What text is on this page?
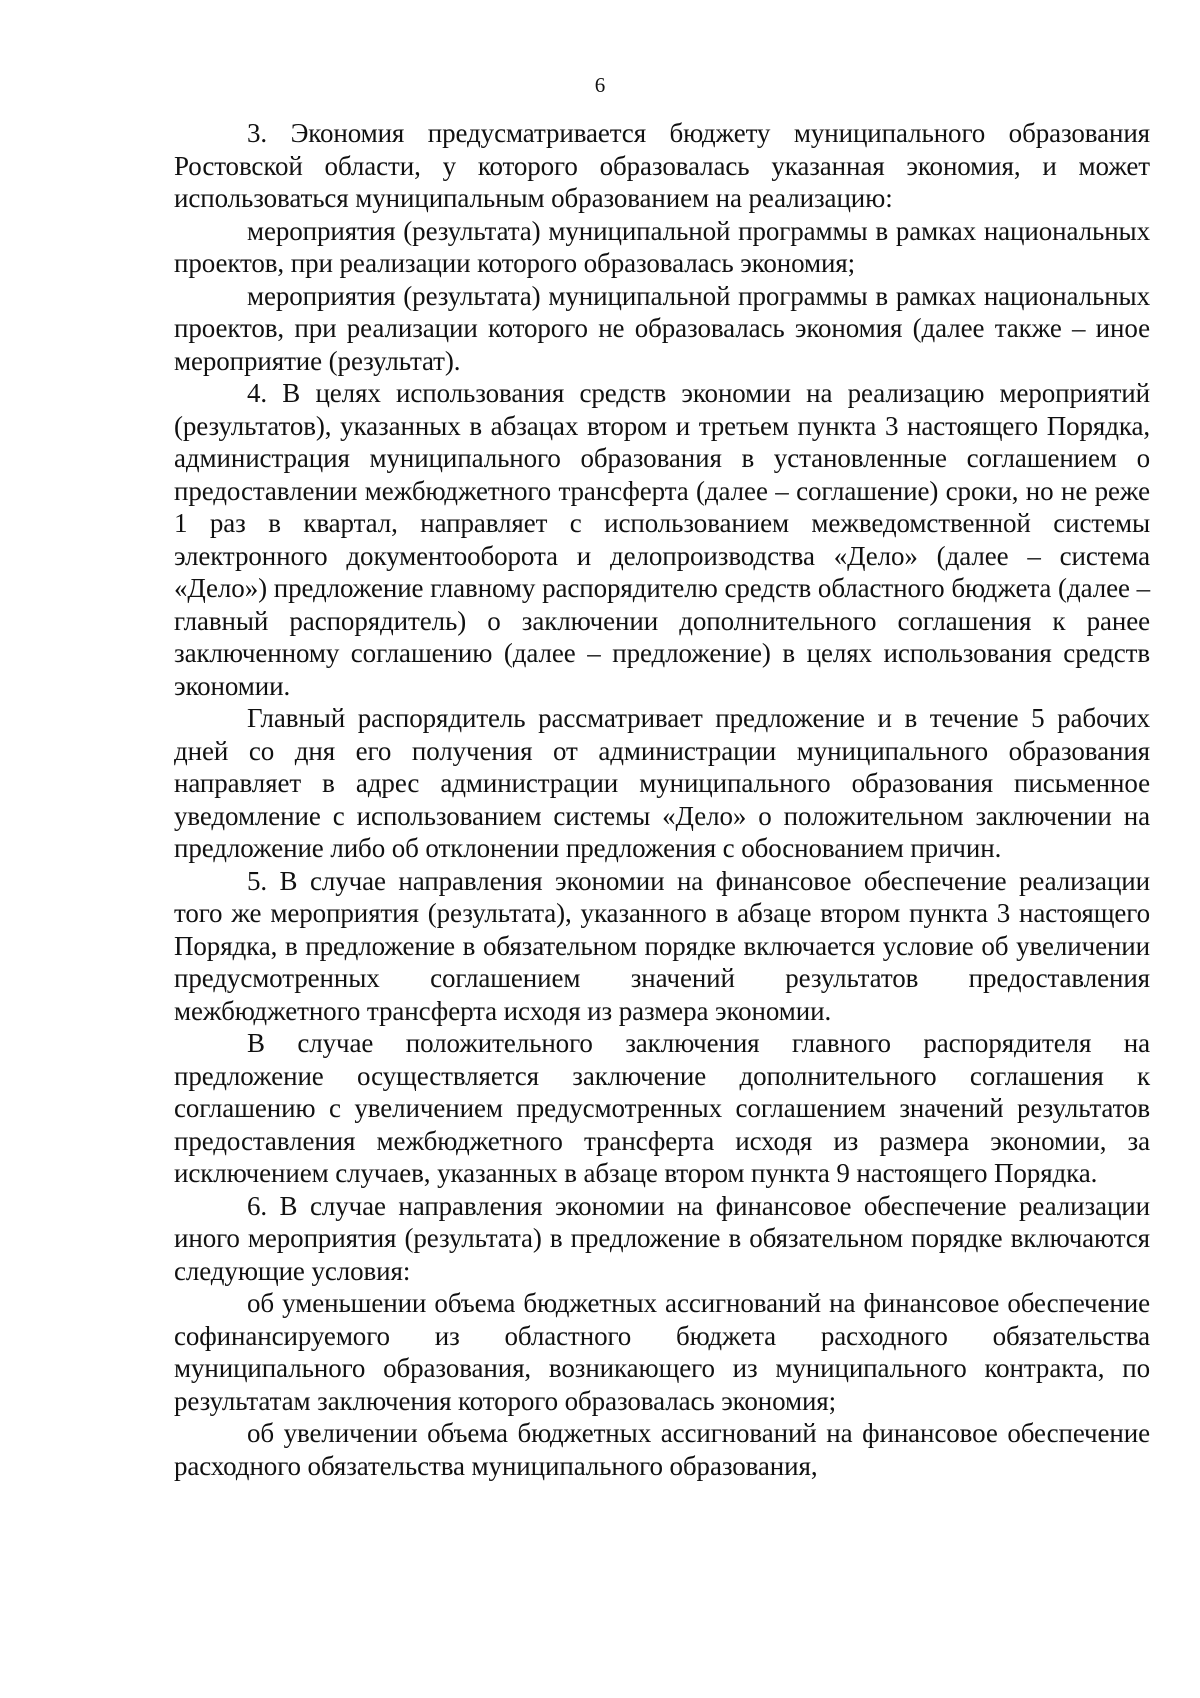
6

3. Экономия предусматривается бюджету муниципального образования Ростовской области, у которого образовалась указанная экономия, и может использоваться муниципальным образованием на реализацию:

мероприятия (результата) муниципальной программы в рамках национальных проектов, при реализации которого образовалась экономия;

мероприятия (результата) муниципальной программы в рамках национальных проектов, при реализации которого не образовалась экономия (далее также – иное мероприятие (результат).

4. В целях использования средств экономии на реализацию мероприятий (результатов), указанных в абзацах втором и третьем пункта 3 настоящего Порядка, администрация муниципального образования в установленные соглашением о предоставлении межбюджетного трансферта (далее – соглашение) сроки, но не реже 1 раз в квартал, направляет с использованием межведомственной системы электронного документооборота и делопроизводства «Дело» (далее – система «Дело») предложение главному распорядителю средств областного бюджета (далее – главный распорядитель) о заключении дополнительного соглашения к ранее заключенному соглашению (далее – предложение) в целях использования средств экономии.

Главный распорядитель рассматривает предложение и в течение 5 рабочих дней со дня его получения от администрации муниципального образования направляет в адрес администрации муниципального образования письменное уведомление с использованием системы «Дело» о положительном заключении на предложение либо об отклонении предложения с обоснованием причин.

5. В случае направления экономии на финансовое обеспечение реализации того же мероприятия (результата), указанного в абзаце втором пункта 3 настоящего Порядка, в предложение в обязательном порядке включается условие об увеличении предусмотренных соглашением значений результатов предоставления межбюджетного трансферта исходя из размера экономии.

В случае положительного заключения главного распорядителя на предложение осуществляется заключение дополнительного соглашения к соглашению с увеличением предусмотренных соглашением значений результатов предоставления межбюджетного трансферта исходя из размера экономии, за исключением случаев, указанных в абзаце втором пункта 9 настоящего Порядка.

6. В случае направления экономии на финансовое обеспечение реализации иного мероприятия (результата) в предложение в обязательном порядке включаются следующие условия:

об уменьшении объема бюджетных ассигнований на финансовое обеспечение софинансируемого из областного бюджета расходного обязательства муниципального образования, возникающего из муниципального контракта, по результатам заключения которого образовалась экономия;

об увеличении объема бюджетных ассигнований на финансовое обеспечение расходного обязательства муниципального образования,
